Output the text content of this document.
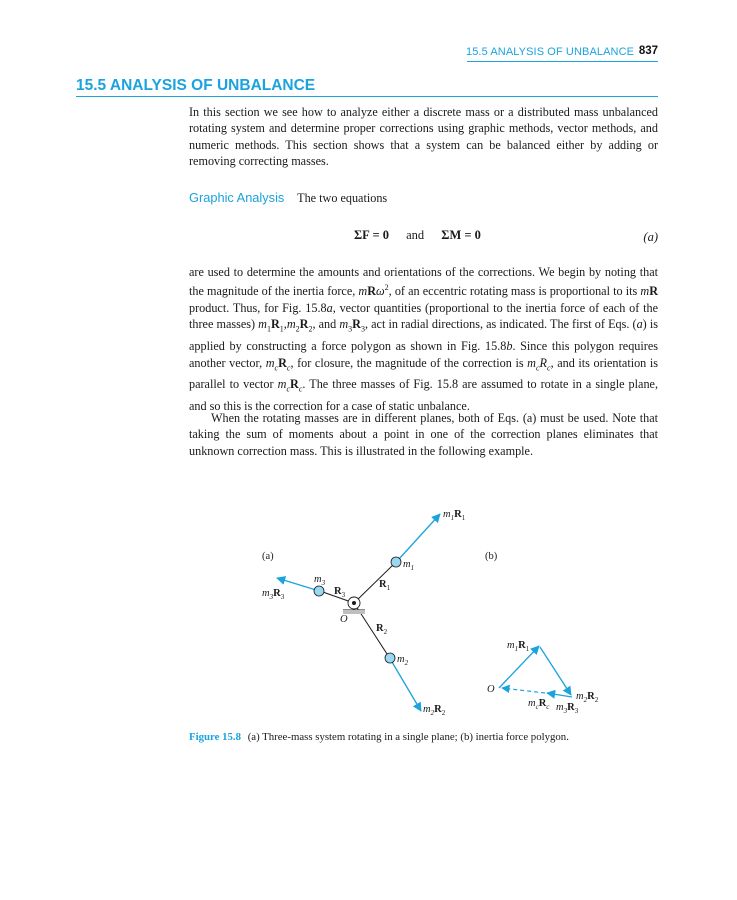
15.5 ANALYSIS OF UNBALANCE 837
15.5 ANALYSIS OF UNBALANCE

In this section we see how to analyze either a discrete mass or a distributed mass unbalanced rotating system and determine proper corrections using graphic methods, vector methods, and numeric methods. This section shows that a system can be balanced either by adding or removing correcting masses.

Graphic Analysis The two equations
ΣF = 0 and ΣM = 0	(a)

are used to determine the amounts and orientations of the corrections. We begin by noting that the magnitude of the inertia force, mRω$^2$, of an eccentric rotating mass is proportional to its mR product. Thus, for Fig. 15.8a, vector quantities (proportional to the inertia force of each of the three masses) $m_1R_1,m_2R_2$, and $m_3R_3$, act in radial directions, as indicated. The first of Eqs. (a) is applied by constructing a force polygon as shown in Fig. 15.8b. Since this polygon requires another vector, $m_cR_c$, for closure, the magnitude of the correction is $m_cR_c$, and its orientation is parallel to vector $m_cR_c$. The three masses of Fig. 15.8 are assumed to rotate in a single plane, and so this is the correction for a case of static unbalance.

When the rotating masses are in different planes, both of Eqs. (a) must be used. Note that taking the sum of moments about a point in one of the correction planes eliminates that unknown correction mass. This is illustrated in the following example.

(a)
$m_1R_1$
$m_1$
$m_3$
$R_3$
$R_1$
$m_3R_3$
O
$R_2$
$m_2$
$m_2R_2$
(b)
$m_1R_1$
O
$m_2R_2$
$m_cR_c$ $m_3R_3$
Figure 15.8 (a) Three-mass system rotating in a single plane; (b) inertia force polygon.
